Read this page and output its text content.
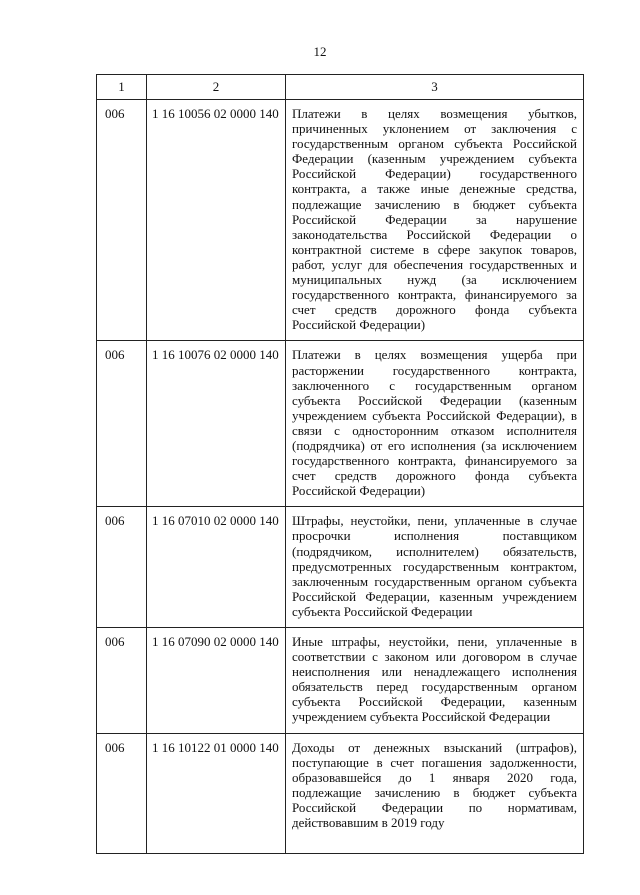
12
1	2	3
006	1 16 10056 02 0000 140	Платежи в целях возмещения убытков, причиненных уклонением от заключения с государственным органом субъекта Российской Федерации (казенным учреждением субъекта Российской Федерации) государственного контракта, а также иные денежные средства, подлежащие зачислению в бюджет субъекта Российской Федерации за нарушение законодательства Российской Федерации о контрактной системе в сфере закупок товаров, работ, услуг для обеспечения государственных и муниципальных нужд (за исключением государственного контракта, финансируемого за счет средств дорожного фонда субъекта Российской Федерации)
006	1 16 10076 02 0000 140	Платежи в целях возмещения ущерба при расторжении государственного контракта, заключенного с государственным органом субъекта Российской Федерации (казенным учреждением субъекта Российской Федерации), в связи с односторонним отказом исполнителя (подрядчика) от его исполнения (за исключением государственного контракта, финансируемого за счет средств дорожного фонда субъекта Российской Федерации)
006	1 16 07010 02 0000 140	Штрафы, неустойки, пени, уплаченные в случае просрочки исполнения поставщиком (подрядчиком, исполнителем) обязательств, предусмотренных государственным контрактом, заключенным государственным органом субъекта Российской Федерации, казенным учреждением субъекта Российской Федерации
006	1 16 07090 02 0000 140	Иные штрафы, неустойки, пени, уплаченные в соответствии с законом или договором в случае неисполнения или ненадлежащего исполнения обязательств перед государственным органом субъекта Российской Федерации, казенным учреждением субъекта Российской Федерации
006	1 16 10122 01 0000 140	Доходы от денежных взысканий (штрафов), поступающие в счет погашения задолженности, образовавшейся до 1 января 2020 года, подлежащие зачислению в бюджет субъекта Российской Федерации по нормативам, действовавшим в 2019 году
